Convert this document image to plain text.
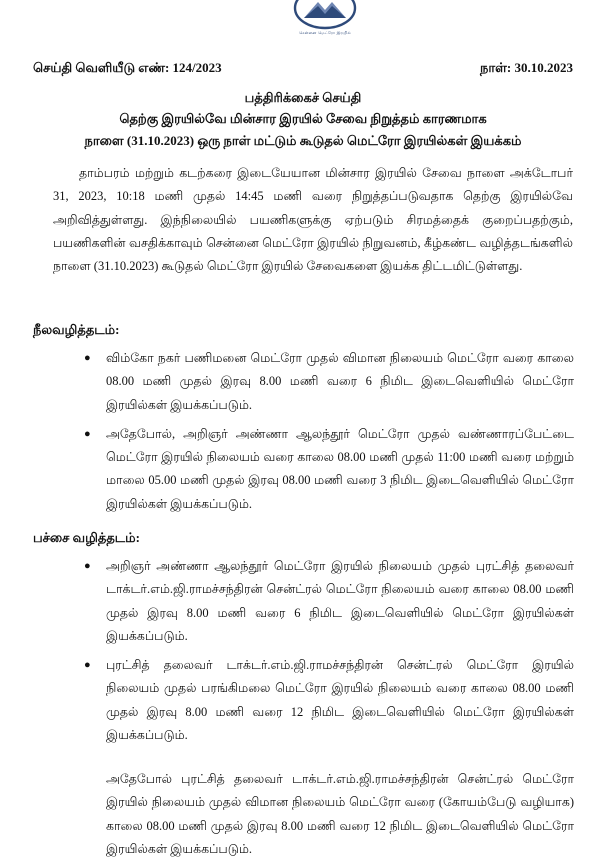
சென்னை மெட்ரோ இரயில்
செய்தி வெளியீடு எண்: 124/2023	நாள்: 30.10.2023
பத்திரிக்கைச் செய்தி
தெற்கு இரயில்வே மின்சார இரயில் சேவை நிறுத்தம் காரணமாக
நாளை (31.10.2023) ஒரு நாள் மட்டும் கூடுதல் மெட்ரோ இரயில்கள் இயக்கம்

தாம்பரம் மற்றும் கடற்கரை இடையேயான மின்சார இரயில் சேவை நாளை அக்டோபர் 31, 2023, 10:18 மணி முதல் 14:45 மணி வரை நிறுத்தப்படுவதாக தெற்கு இரயில்வே அறிவித்துள்ளது. இந்நிலையில் பயணிகளுக்கு ஏற்படும் சிரமத்தைக் குறைப்பதற்கும், பயணிகளின் வசதிக்காவும் சென்னை மெட்ரோ இரயில் நிறுவனம், கீழ்கண்ட வழித்தடங்களில் நாளை (31.10.2023) கூடுதல் மெட்ரோ இரயில் சேவைகளை இயக்க திட்டமிட்டுள்ளது.

நீலவழித்தடம்:
● விம்கோ நகர் பணிமனை மெட்ரோ முதல் விமான நிலையம் மெட்ரோ வரை காலை 08.00 மணி முதல் இரவு 8.00 மணி வரை 6 நிமிட இடைவெளியில் மெட்ரோ இரயில்கள் இயக்கப்படும்.
● அதேபோல், அறிஞர் அண்ணா ஆலந்தூர் மெட்ரோ முதல் வண்ணாரப்பேட்டை மெட்ரோ இரயில் நிலையம் வரை காலை 08.00 மணி முதல் 11:00 மணி வரை மற்றும் மாலை 05.00 மணி முதல் இரவு 08.00 மணி வரை 3 நிமிட இடைவெளியில் மெட்ரோ இரயில்கள் இயக்கப்படும்.
பச்சை வழித்தடம்:
● அறிஞர் அண்ணா ஆலந்தூர் மெட்ரோ இரயில் நிலையம் முதல் புரட்சித் தலைவர் டாக்டர்.எம்.ஜி.ராமச்சந்திரன் சென்ட்ரல் மெட்ரோ நிலையம் வரை காலை 08.00 மணி முதல் இரவு 8.00 மணி வரை 6 நிமிட இடைவெளியில் மெட்ரோ இரயில்கள் இயக்கப்படும்.
● புரட்சித் தலைவர் டாக்டர்.எம்.ஜி.ராமச்சந்திரன் சென்ட்ரல் மெட்ரோ இரயில் நிலையம் முதல் பரங்கிமலை மெட்ரோ இரயில் நிலையம் வரை காலை 08.00 மணி முதல் இரவு 8.00 மணி வரை 12 நிமிட இடைவெளியில் மெட்ரோ இரயில்கள் இயக்கப்படும்.

அதேபோல் புரட்சித் தலைவர் டாக்டர்.எம்.ஜி.ராமச்சந்திரன் சென்ட்ரல் மெட்ரோ இரயில் நிலையம் முதல் விமான நிலையம் மெட்ரோ வரை (கோயம்பேடு வழியாக) காலை 08.00 மணி முதல் இரவு 8.00 மணி வரை 12 நிமிட இடைவெளியில் மெட்ரோ இரயில்கள் இயக்கப்படும்.
